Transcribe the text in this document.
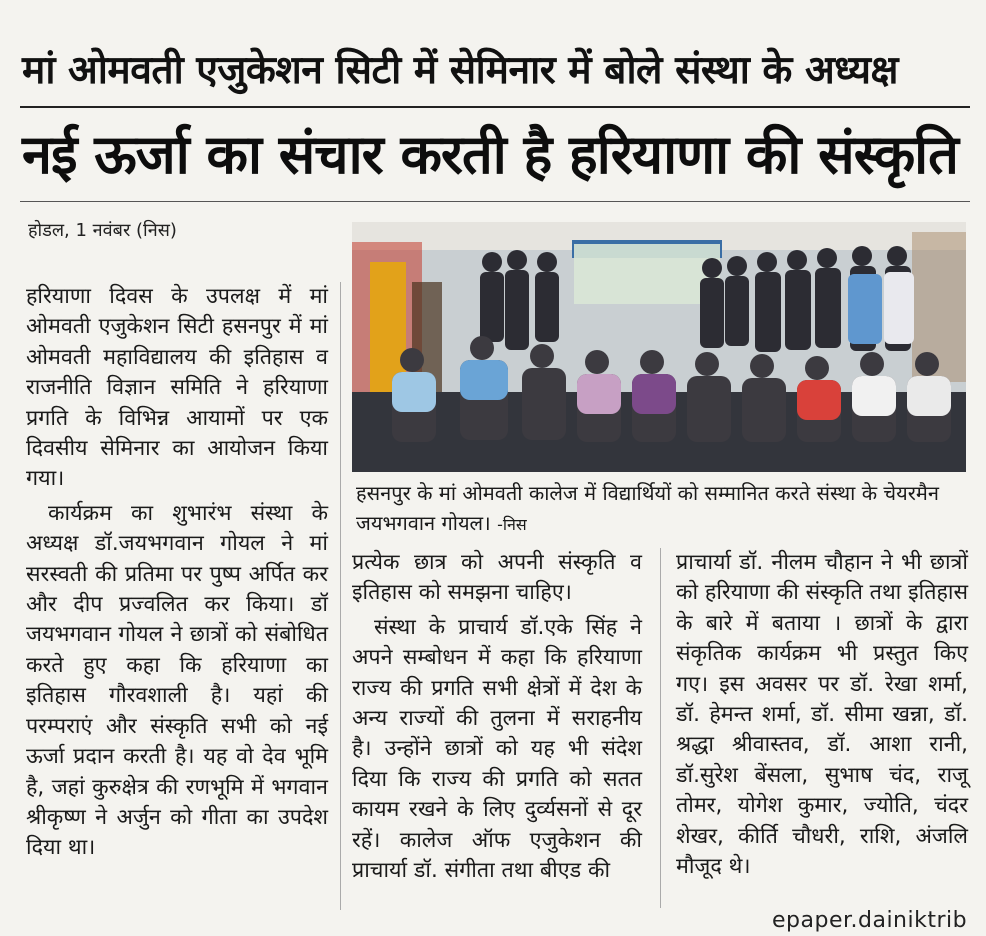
मां ओमवती एजुकेशन सिटी में सेमिनार में बोले संस्था के अध्यक्ष
नई ऊर्जा का संचार करती है हरियाणा की संस्कृति
होडल, 1 नवंबर (निस)

हरियाणा दिवस के उपलक्ष में मां ओमवती एजुकेशन सिटी हसनपुर में मां ओमवती महाविद्यालय की इतिहास व राजनीति विज्ञान समिति ने हरियाणा प्रगति के विभिन्न आयामों पर एक दिवसीय सेमिनार का आयोजन किया गया।

कार्यक्रम का शुभारंभ संस्था के अध्यक्ष डॉ.जयभगवान गोयल ने मां सरस्वती की प्रतिमा पर पुष्प अर्पित कर और दीप प्रज्वलित कर किया। डॉ जयभगवान गोयल ने छात्रों को संबोधित करते हुए कहा कि हरियाणा का इतिहास गौरवशाली है। यहां की परम्पराएं और संस्कृति सभी को नई ऊर्जा प्रदान करती है। यह वो देव भूमि है, जहां कुरुक्षेत्र की रणभूमि में भगवान श्रीकृष्ण ने अर्जुन को गीता का उपदेश दिया था।

हसनपुर के मां ओमवती कालेज में विद्यार्थियों को सम्मानित करते संस्था के चेयरमैन जयभगवान गोयल। -निस

प्रत्येक छात्र को अपनी संस्कृति व इतिहास को समझना चाहिए।

संस्था के प्राचार्य डॉ.एके सिंह ने अपने सम्बोधन में कहा कि हरियाणा राज्य की प्रगति सभी क्षेत्रों में देश के अन्य राज्यों की तुलना में सराहनीय है। उन्होंने छात्रों को यह भी संदेश दिया कि राज्य की प्रगति को सतत कायम रखने के लिए दुर्व्यसनों से दूर रहें। कालेज ऑफ एजुकेशन की प्राचार्या डॉ. संगीता तथा बीएड की

प्राचार्या डॉ. नीलम चौहान ने भी छात्रों को हरियाणा की संस्कृति तथा इतिहास के बारे में बताया । छात्रों के द्वारा संकृतिक कार्यक्रम भी प्रस्तुत किए गए। इस अवसर पर डॉ. रेखा शर्मा, डॉ. हेमन्त शर्मा, डॉ. सीमा खन्ना, डॉ. श्रद्धा श्रीवास्तव, डॉ. आशा रानी, डॉ.सुरेश बेंसला, सुभाष चंद, राजू तोमर, योगेश कुमार, ज्योति, चंदर शेखर, कीर्ति चौधरी, राशि, अंजलि मौजूद थे।

epaper.dainiktrib
